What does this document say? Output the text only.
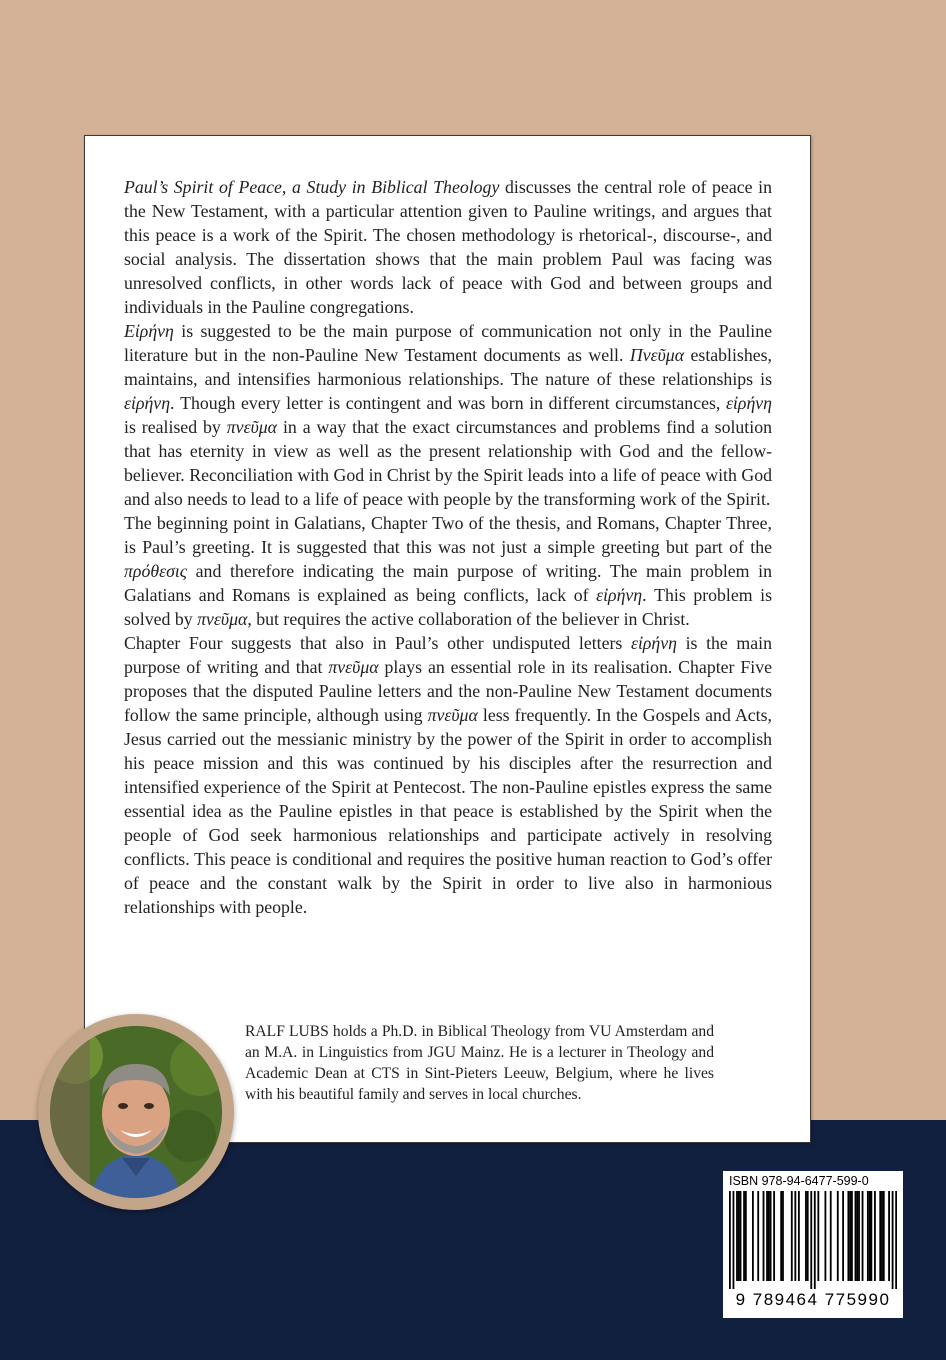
Paul’s Spirit of Peace, a Study in Biblical Theology discusses the central role of peace in the New Testament, with a particular attention given to Pauline writings, and argues that this peace is a work of the Spirit. The chosen methodology is rhetorical-, discourse-, and social analysis. The dissertation shows that the main problem Paul was facing was unresolved conflicts, in other words lack of peace with God and between groups and individuals in the Pauline congregations.

Εἰρήνη is suggested to be the main purpose of communication not only in the Pauline literature but in the non-Pauline New Testament documents as well. Πνεῦμα establishes, maintains, and intensifies harmonious relationships. The nature of these relationships is εἰρήνη. Though every letter is contingent and was born in different circumstances, εἰρήνη is realised by πνεῦμα in a way that the exact circumstances and problems find a solution that has eternity in view as well as the present relationship with God and the fellow-believer. Reconciliation with God in Christ by the Spirit leads into a life of peace with God and also needs to lead to a life of peace with people by the transforming work of the Spirit.

The beginning point in Galatians, Chapter Two of the thesis, and Romans, Chapter Three, is Paul’s greeting. It is suggested that this was not just a simple greeting but part of the πρόθεσις and therefore indicating the main purpose of writing. The main problem in Galatians and Romans is explained as being conflicts, lack of εἰρήνη. This problem is solved by πνεῦμα, but requires the active collaboration of the believer in Christ.

Chapter Four suggests that also in Paul’s other undisputed letters εἰρήνη is the main purpose of writing and that πνεῦμα plays an essential role in its realisation. Chapter Five proposes that the disputed Pauline letters and the non-Pauline New Testament documents follow the same principle, although using πνεῦμα less frequently. In the Gospels and Acts, Jesus carried out the messianic ministry by the power of the Spirit in order to accomplish his peace mission and this was continued by his disciples after the resurrection and intensified experience of the Spirit at Pentecost. The non-Pauline epistles express the same essential idea as the Pauline epistles in that peace is established by the Spirit when the people of God seek harmonious relationships and participate actively in resolving conflicts. This peace is conditional and requires the positive human reaction to God’s offer of peace and the constant walk by the Spirit in order to live also in harmonious relationships with people.

RALF LUBS holds a Ph.D. in Biblical Theology from VU Amsterdam and an M.A. in Linguistics from JGU Mainz. He is a lecturer in Theology and Academic Dean at CTS in Sint-Pieters Leeuw, Belgium, where he lives with his beautiful family and serves in local churches.
ISBN 978-94-6477-599-0
9 789464 775990
